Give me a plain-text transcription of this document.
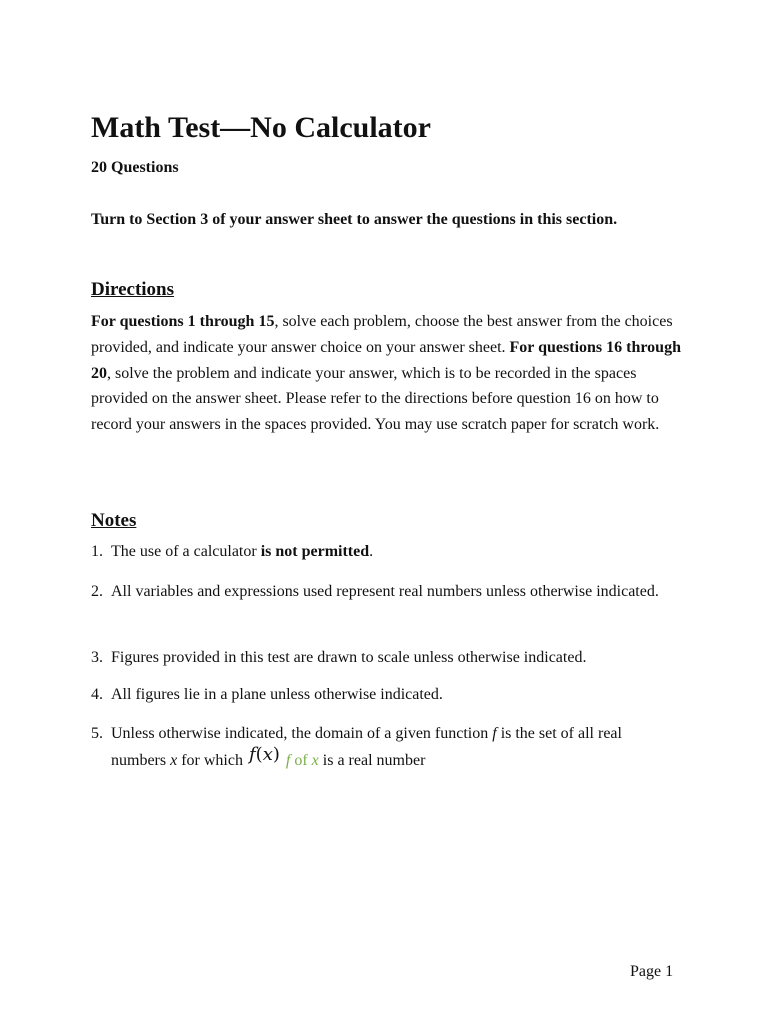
Math Test—No Calculator

20 Questions

Turn to Section 3 of your answer sheet to answer the questions in this section.

Directions

For questions 1 through 15, solve each problem, choose the best answer from the choices provided, and indicate your answer choice on your answer sheet. For questions 16 through 20, solve the problem and indicate your answer, which is to be recorded in the spaces provided on the answer sheet. Please refer to the directions before question 16 on how to record your answers in the spaces provided. You may use scratch paper for scratch work.

Notes
1. The use of a calculator is not permitted.
2. All variables and expressions used represent real numbers unless otherwise indicated.
3. Figures provided in this test are drawn to scale unless otherwise indicated.
4. All figures lie in a plane unless otherwise indicated.
5. Unless otherwise indicated, the domain of a given function f is the set of all real numbers x for which f(x) f of x is a real number

Page 1
